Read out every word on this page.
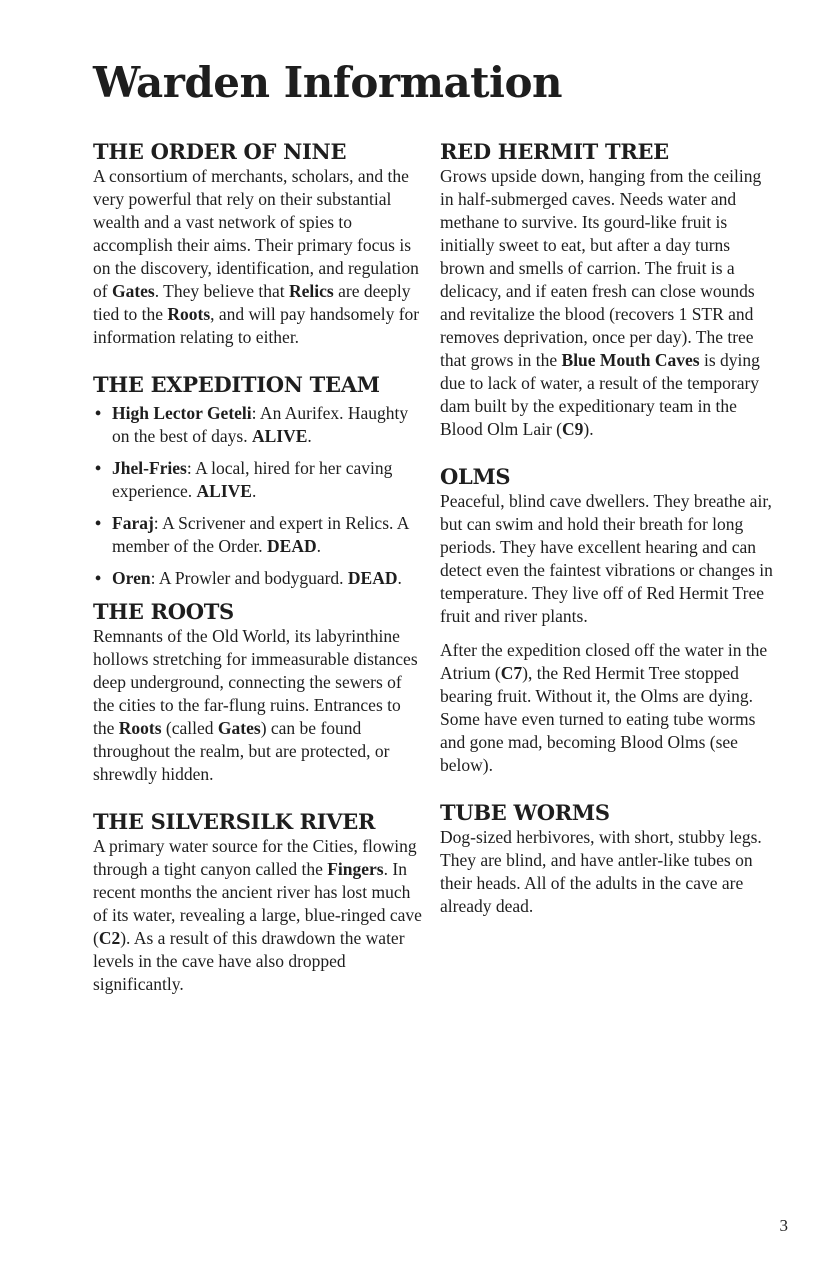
Warden Information
THE ORDER OF NINE

A consortium of merchants, scholars, and the very powerful that rely on their substantial wealth and a vast network of spies to accomplish their aims. Their primary focus is on the discovery, identification, and regulation of Gates. They believe that Relics are deeply tied to the Roots, and will pay handsomely for information relating to either.

THE EXPEDITION TEAM
• High Lector Geteli: An Aurifex. Haughty on the best of days. ALIVE.
• Jhel-Fries: A local, hired for her caving experience. ALIVE.
• Faraj: A Scrivener and expert in Relics. A member of the Order. DEAD.
• Oren: A Prowler and bodyguard. DEAD.
THE ROOTS

Remnants of the Old World, its labyrinthine hollows stretching for immeasurable distances deep underground, connecting the sewers of the cities to the far-flung ruins. Entrances to the Roots (called Gates) can be found throughout the realm, but are protected, or shrewdly hidden.

THE SILVERSILK RIVER

A primary water source for the Cities, flowing through a tight canyon called the Fingers. In recent months the ancient river has lost much of its water, revealing a large, blue-ringed cave (C2). As a result of this drawdown the water levels in the cave have also dropped significantly.

RED HERMIT TREE

Grows upside down, hanging from the ceiling in half-submerged caves. Needs water and methane to survive. Its gourd-like fruit is initially sweet to eat, but after a day turns brown and smells of carrion. The fruit is a delicacy, and if eaten fresh can close wounds and revitalize the blood (recovers 1 STR and removes deprivation, once per day). The tree that grows in the Blue Mouth Caves is dying due to lack of water, a result of the temporary dam built by the expeditionary team in the Blood Olm Lair (C9).

OLMS

Peaceful, blind cave dwellers. They breathe air, but can swim and hold their breath for long periods. They have excellent hearing and can detect even the faintest vibrations or changes in temperature. They live off of Red Hermit Tree fruit and river plants.

After the expedition closed off the water in the Atrium (C7), the Red Hermit Tree stopped bearing fruit. Without it, the Olms are dying. Some have even turned to eating tube worms and gone mad, becoming Blood Olms (see below).

TUBE WORMS

Dog-sized herbivores, with short, stubby legs. They are blind, and have antler-like tubes on their heads. All of the adults in the cave are already dead.

3
